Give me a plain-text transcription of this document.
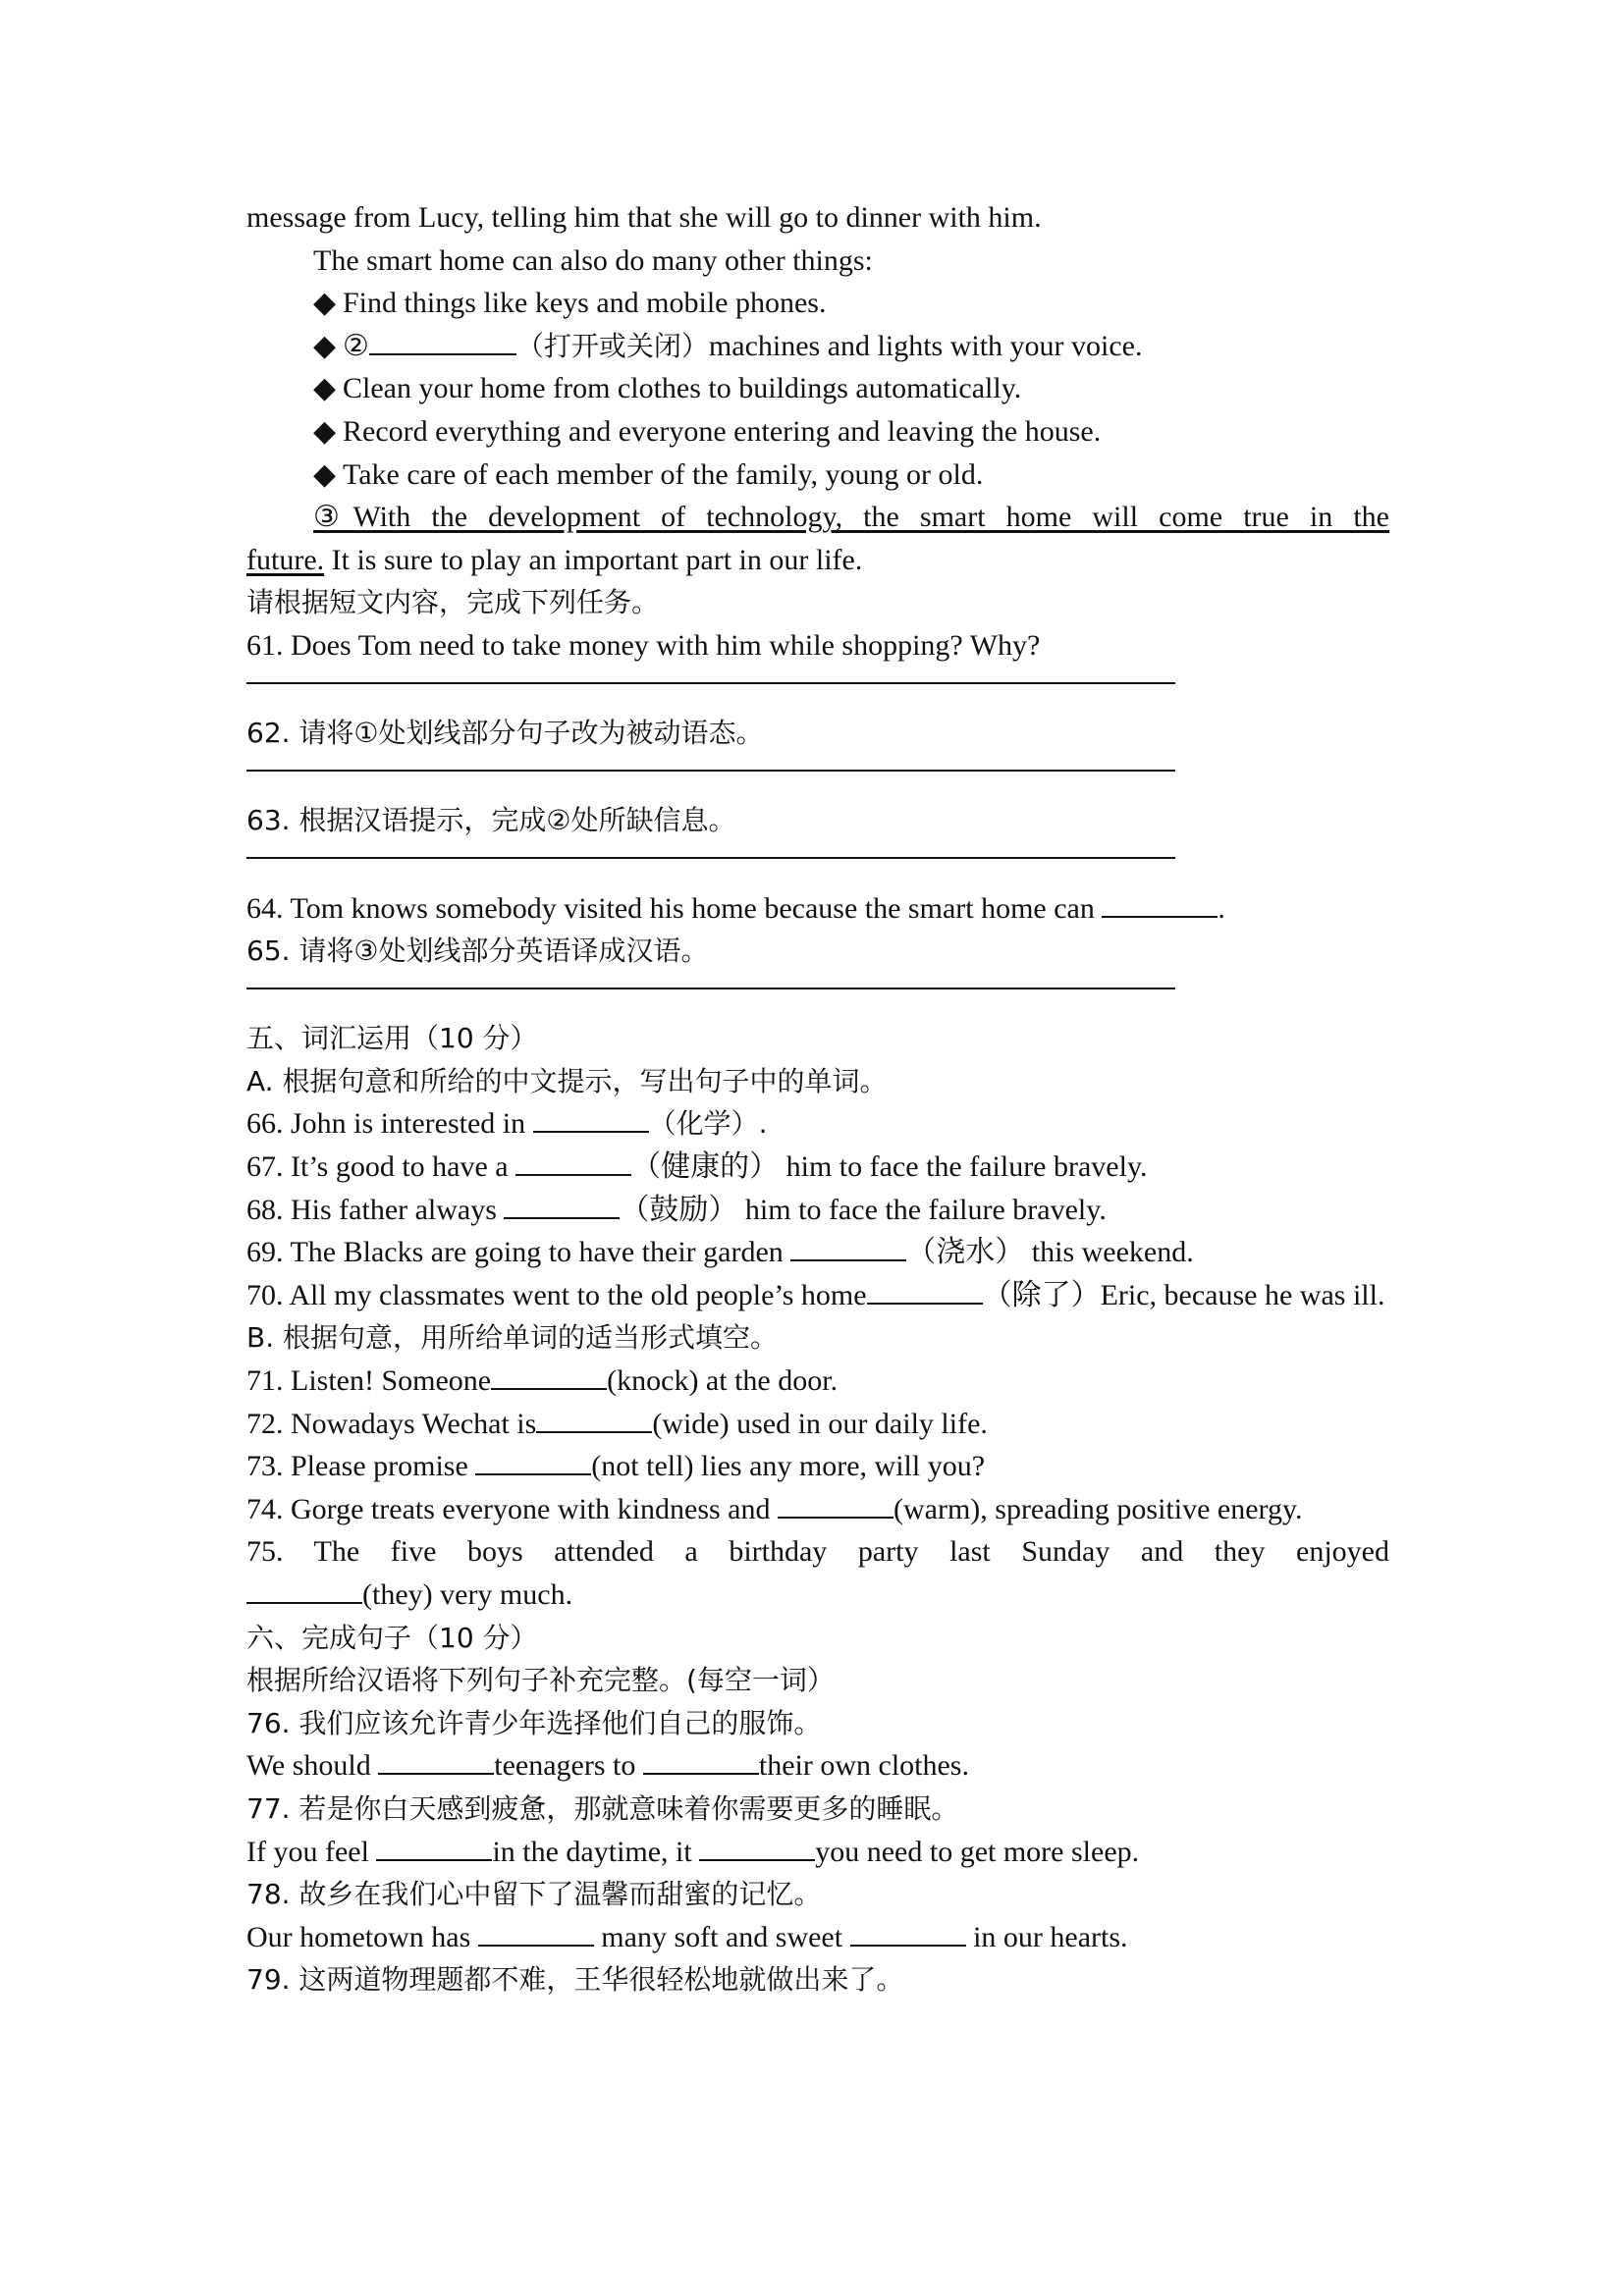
message from Lucy, telling him that she will go to dinner with him.

The smart home can also do many other things:

◆ Find things like keys and mobile phones.

◆ ②	（打开或关闭）machines and lights with your voice.

◆ Clean your home from clothes to buildings automatically.

◆ Record everything and everyone entering and leaving the house.

◆ Take care of each member of the family, young or old.

③With the development of technology, the smart home will come true in the

future. It is sure to play an important part in our life.

请根据短文内容，完成下列任务。

61. Does Tom need to take money with him while shopping? Why?

62. 请将①处划线部分句子改为被动语态。

63. 根据汉语提示，完成②处所缺信息。

64. Tom knows somebody visited his home because the smart home can	.

65. 请将③处划线部分英语译成汉语。

五、词汇运用（10 分）

A. 根据句意和所给的中文提示，写出句子中的单词。

66. John is interested in	（化学）.

67. It’s good to have a	（健康的） him to face the failure bravely.

68. His father always	（鼓励） him to face the failure bravely.

69. The Blacks are going to have their garden	（浇水） this weekend.

70. All my classmates went to the old people’s home	（除了）Eric, because he was ill.

B. 根据句意，用所给单词的适当形式填空。

71. Listen! Someone	(knock) at the door.

72. Nowadays Wechat is	(wide) used in our daily life.

73. Please promise	(not tell) lies any more, will you?

74. Gorge treats everyone with kindness and	(warm), spreading positive energy.

75. The five boys attended a birthday party last Sunday and they enjoyed

(they) very much.

六、完成句子（10 分）

根据所给汉语将下列句子补充完整。(每空一词）

76. 我们应该允许青少年选择他们自己的服饰。

We should	teenagers to	their own clothes.

77. 若是你白天感到疲惫，那就意味着你需要更多的睡眠。

If you feel	in the daytime, it	you need to get more sleep.

78. 故乡在我们心中留下了温馨而甜蜜的记忆。

Our hometown has	many soft and sweet	in our hearts.

79. 这两道物理题都不难，王华很轻松地就做出来了。
